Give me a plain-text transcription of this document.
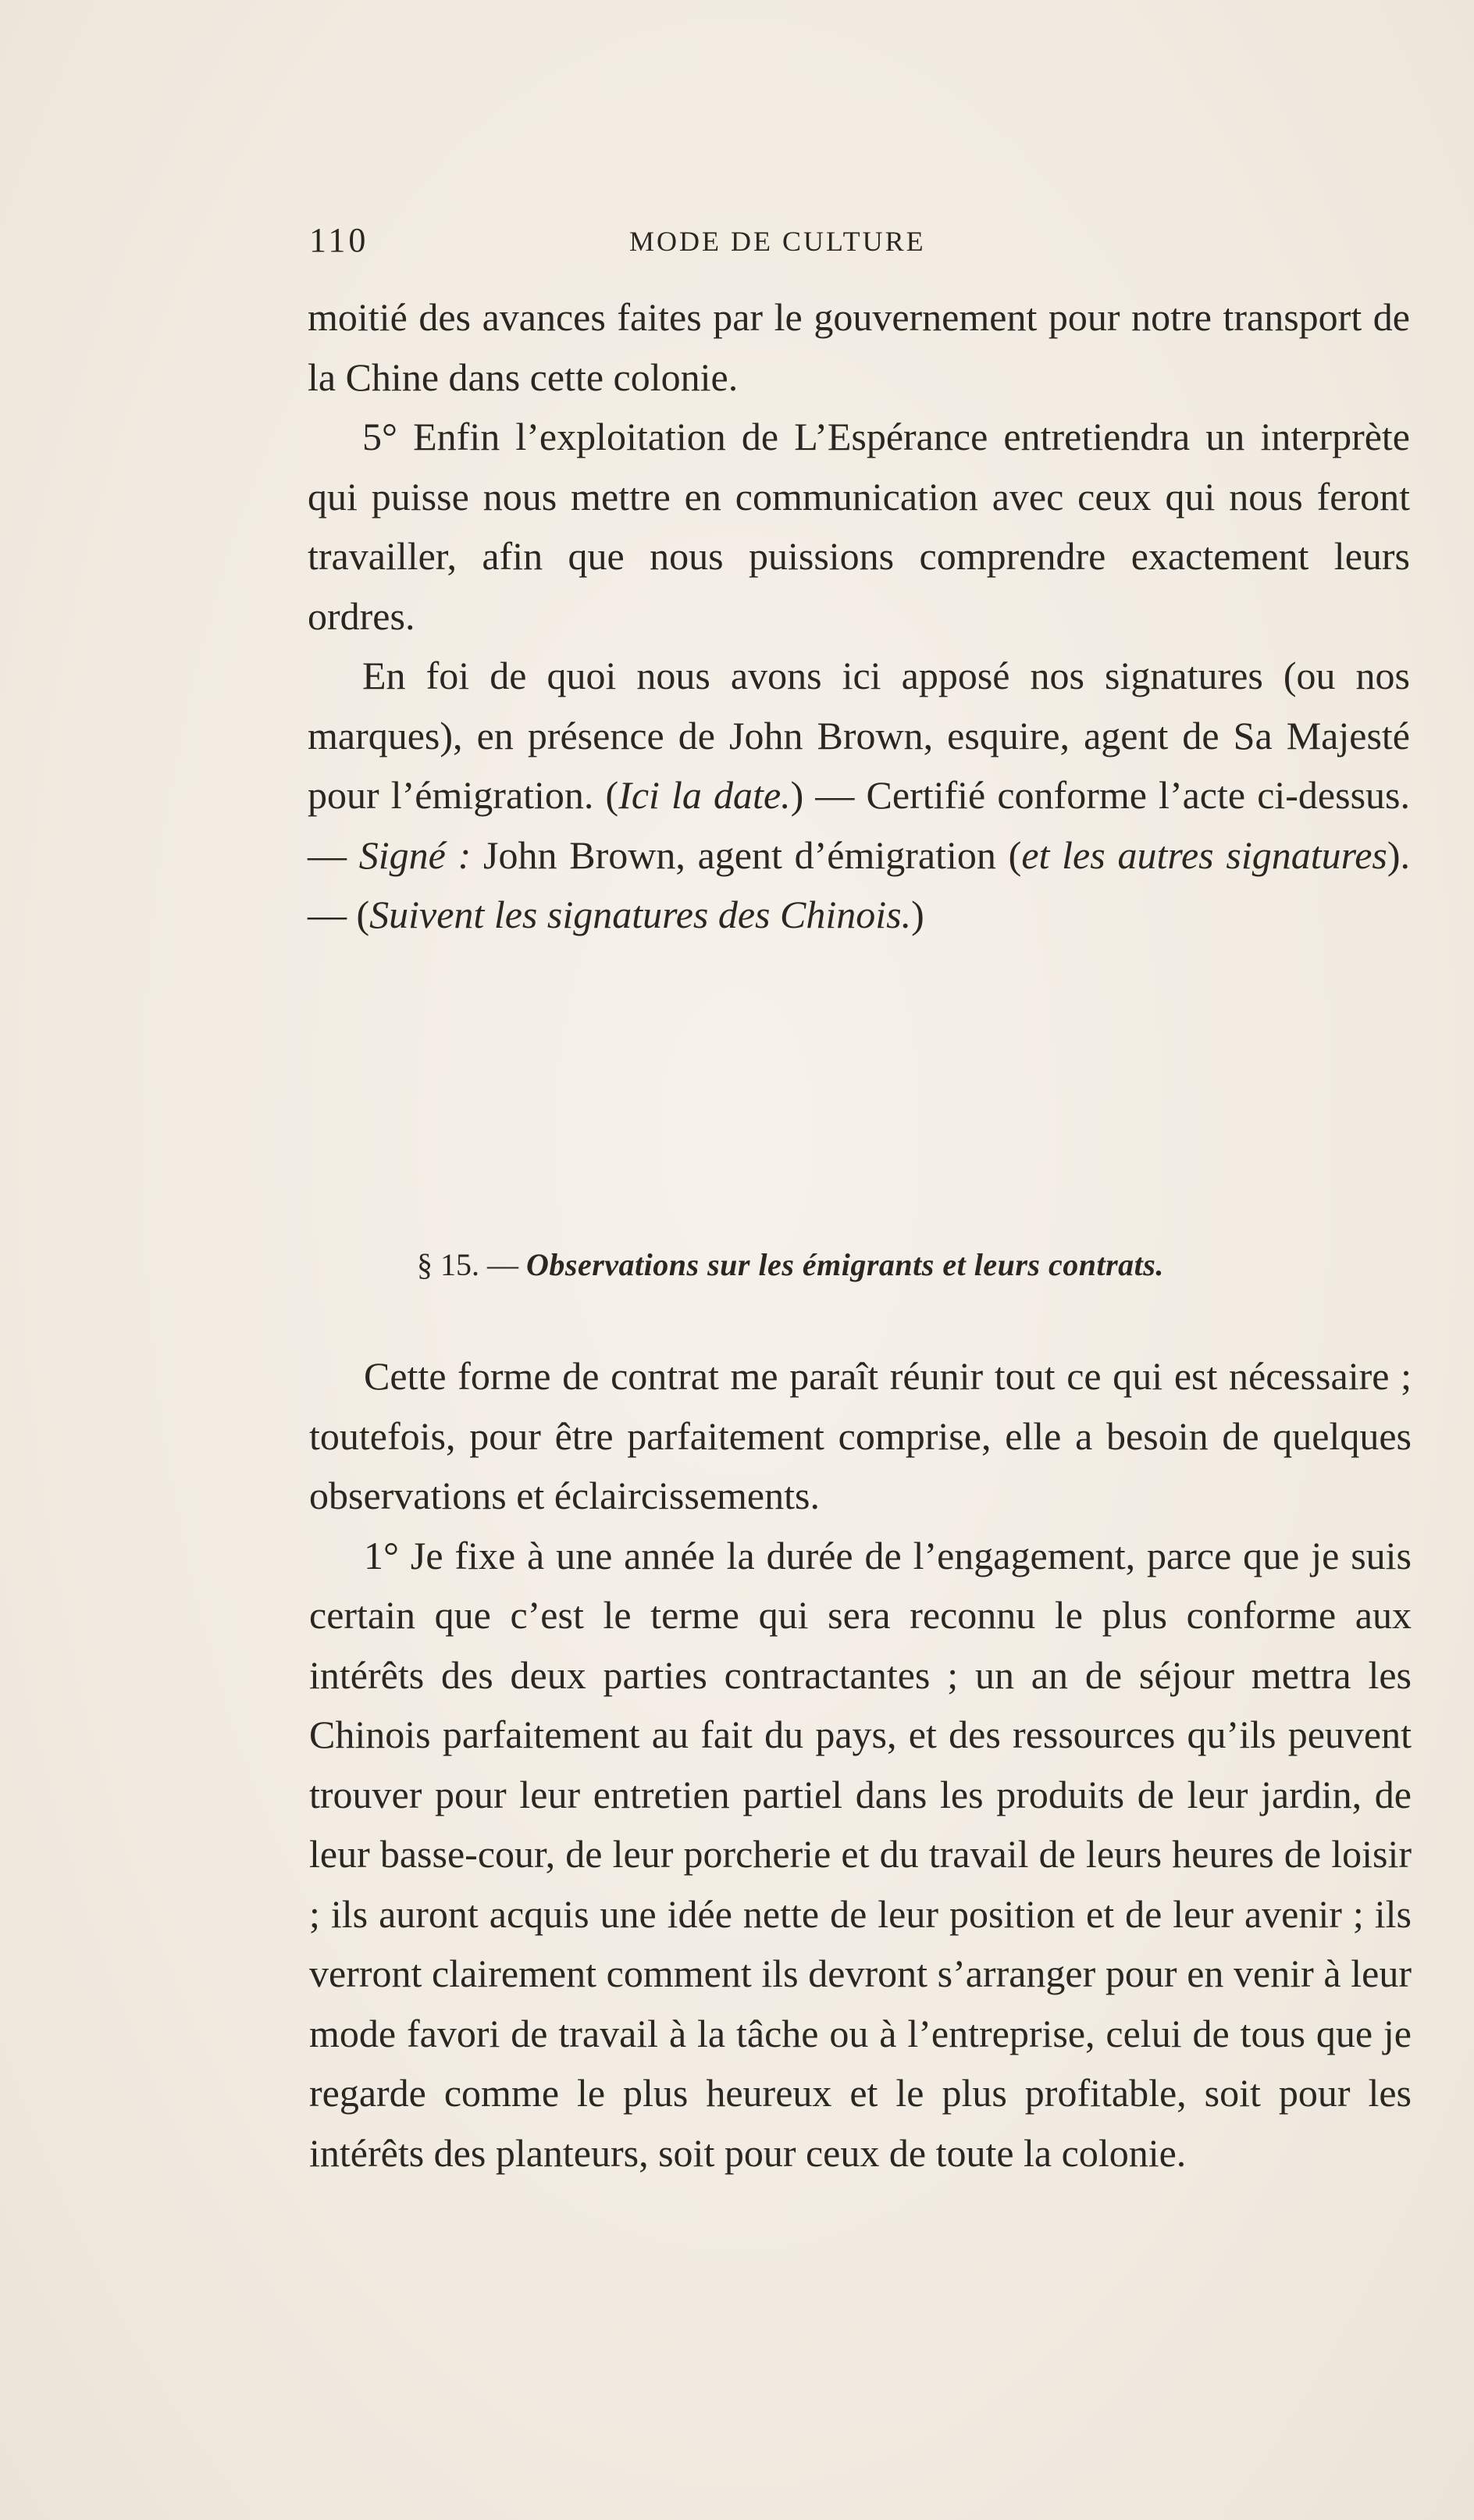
110	MODE DE CULTURE

moitié des avances faites par le gouvernement pour notre transport de la Chine dans cette colonie.

5° Enfin l’exploitation de L’Espérance entretiendra un interprète qui puisse nous mettre en communication avec ceux qui nous feront travailler, afin que nous puissions comprendre exactement leurs ordres.

En foi de quoi nous avons ici apposé nos signatures (ou nos marques), en présence de John Brown, esquire, agent de Sa Majesté pour l’émigration. (Ici la date.) — Certifié conforme l’acte ci-dessus. — Signé : John Brown, agent d’émigration (et les autres signatures). — (Suivent les signatures des Chinois.)

§ 15. — Observations sur les émigrants et leurs contrats.

Cette forme de contrat me paraît réunir tout ce qui est nécessaire ; toutefois, pour être parfaitement comprise, elle a besoin de quelques observations et éclaircissements.

1° Je fixe à une année la durée de l’engagement, parce que je suis certain que c’est le terme qui sera reconnu le plus conforme aux intérêts des deux parties contractantes ; un an de séjour mettra les Chinois parfaitement au fait du pays, et des ressources qu’ils peuvent trouver pour leur entretien partiel dans les produits de leur jardin, de leur basse-cour, de leur porcherie et du travail de leurs heures de loisir ; ils auront acquis une idée nette de leur position et de leur avenir ; ils verront clairement comment ils devront s’arranger pour en venir à leur mode favori de travail à la tâche ou à l’entreprise, celui de tous que je regarde comme le plus heureux et le plus profitable, soit pour les intérêts des planteurs, soit pour ceux de toute la colonie.
